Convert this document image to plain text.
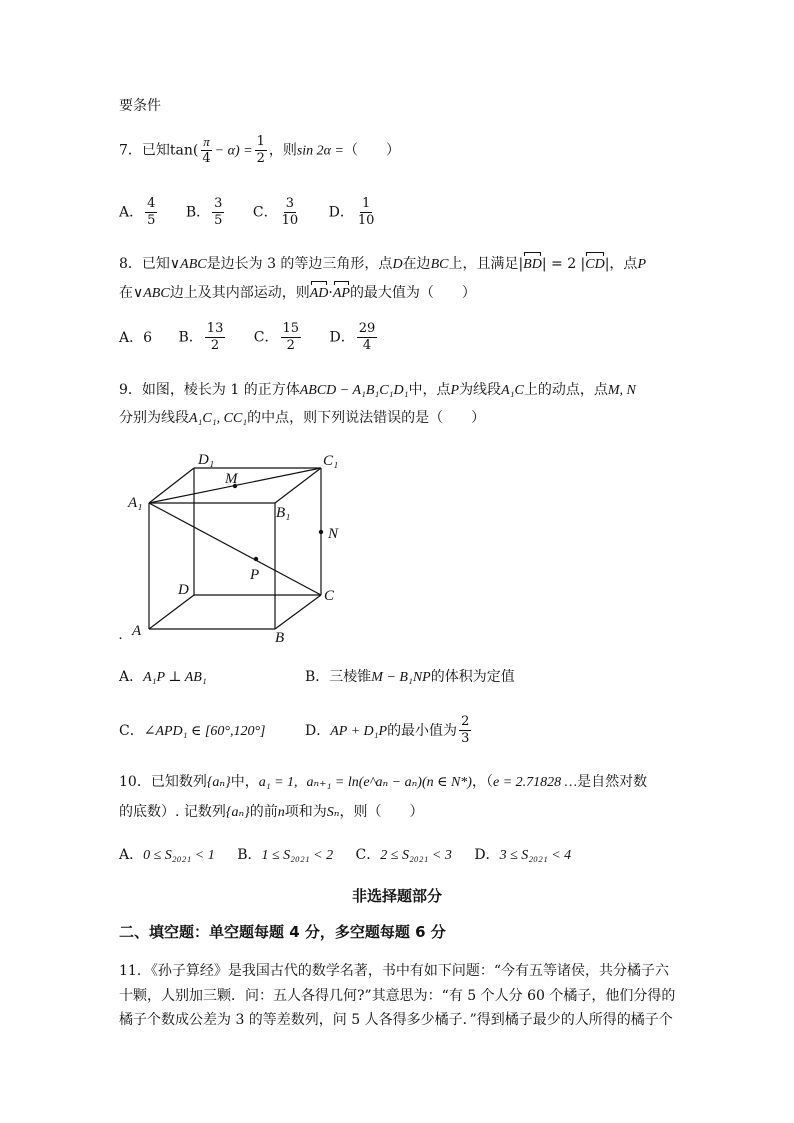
要条件
7．已知$\tan( \frac{\pi}{4} - \alpha) = \frac{1}{2}$ ，则sin 2α =（　　）
A． $\frac{4}{5}$ B． $\frac{3}{5}$ C． $\frac{3}{10}$ D． $\frac{1}{10}$
8．已知∨ABC是边长为 3 的等边三角形，点D在边BC上，且满足|BD| = 2 |CD|，点P
在∨ABC边上及其内部运动，则AD·AP的最大值为（　　）
A．6 B． $\frac{13}{2}$ C． $\frac{15}{2}$ D． $\frac{29}{4}$
9．如图，棱长为 1 的正方体ABCD − A₁B₁C₁D₁中，点P为线段A₁C上的动点，点M, N
分别为线段A₁C₁, CC₁的中点，则下列说法错误的是（　　）
D₁	C₁
M
A₁
B₁
N
P
D	C
A	B
.
A．A₁P ⊥ AB₁	B．三棱锥M − B₁NP的体积为定值
C．∠APD₁ ∈ [60°,120°]	D．AP + D₁P的最小值为 $\frac{2}{3}$
10．已知数列{aₙ}中，a₁ = 1, aₙ₊₁ = ln(e^aₙ − aₙ)(n ∈ N*)，（e = 2.71828 …是自然对数
的底数）. 记数列{aₙ}的前n项和为Sₙ，则（　　）
A．0 ≤ S₂₀₂₁ < 1 B．1 ≤ S₂₀₂₁ < 2 C．2 ≤ S₂₀₂₁ < 3 D．3 ≤ S₂₀₂₁ < 4
非选择题部分
二、填空题：单空题每题 4 分，多空题每题 6 分
11．《孙子算经》是我国古代的数学名著，书中有如下问题：“今有五等诸侯，共分橘子六
十颗，人别加三颗．问：五人各得几何?”其意思为：“有 5 个人分 60 个橘子，他们分得的
橘子个数成公差为 3 的等差数列，问 5 人各得多少橘子．”得到橘子最少的人所得的橘子个
